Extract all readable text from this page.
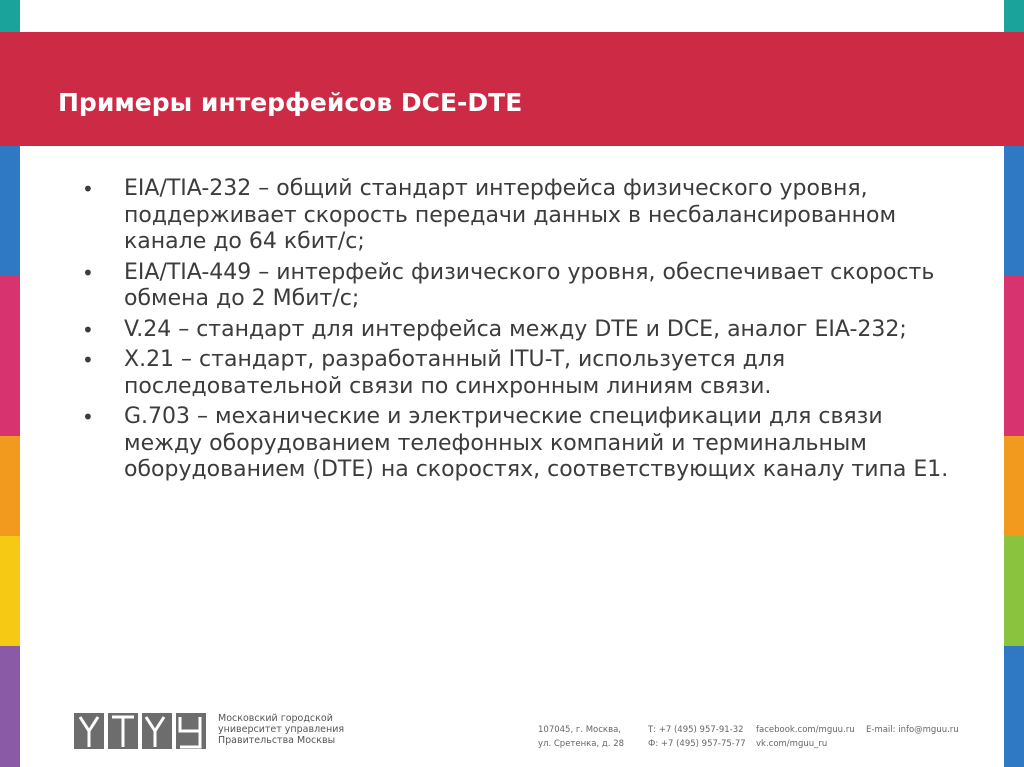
Примеры интерфейсов DCE-DTE
•	EIA/TIA-232 – общий стандарт интерфейса физического уровня, поддерживает скорость передачи данных в несбалансированном канале до 64 кбит/с;
•	EIA/TIA-449 – интерфейс физического уровня, обеспечивает скорость обмена до 2 Мбит/с;
•	V.24 – стандарт для интерфейса между DTE и DCE, аналог EIA-232;
•	X.21 – стандарт, разработанный ITU-T, используется для последовательной связи по синхронным линиям связи.
•	G.703 – механические и электрические спецификации для связи между оборудованием телефонных компаний и терминальным оборудованием (DTE) на скоростях, соответствующих каналу типа E1.
Московский городской
университет управления
Правительства Москвы
107045, г. Москва,
ул. Сретенка, д. 28
Т: +7 (495) 957-91-32
Ф: +7 (495) 957-75-77
facebook.com/mguu.ru
vk.com/mguu_ru
E-mail: info@mguu.ru
